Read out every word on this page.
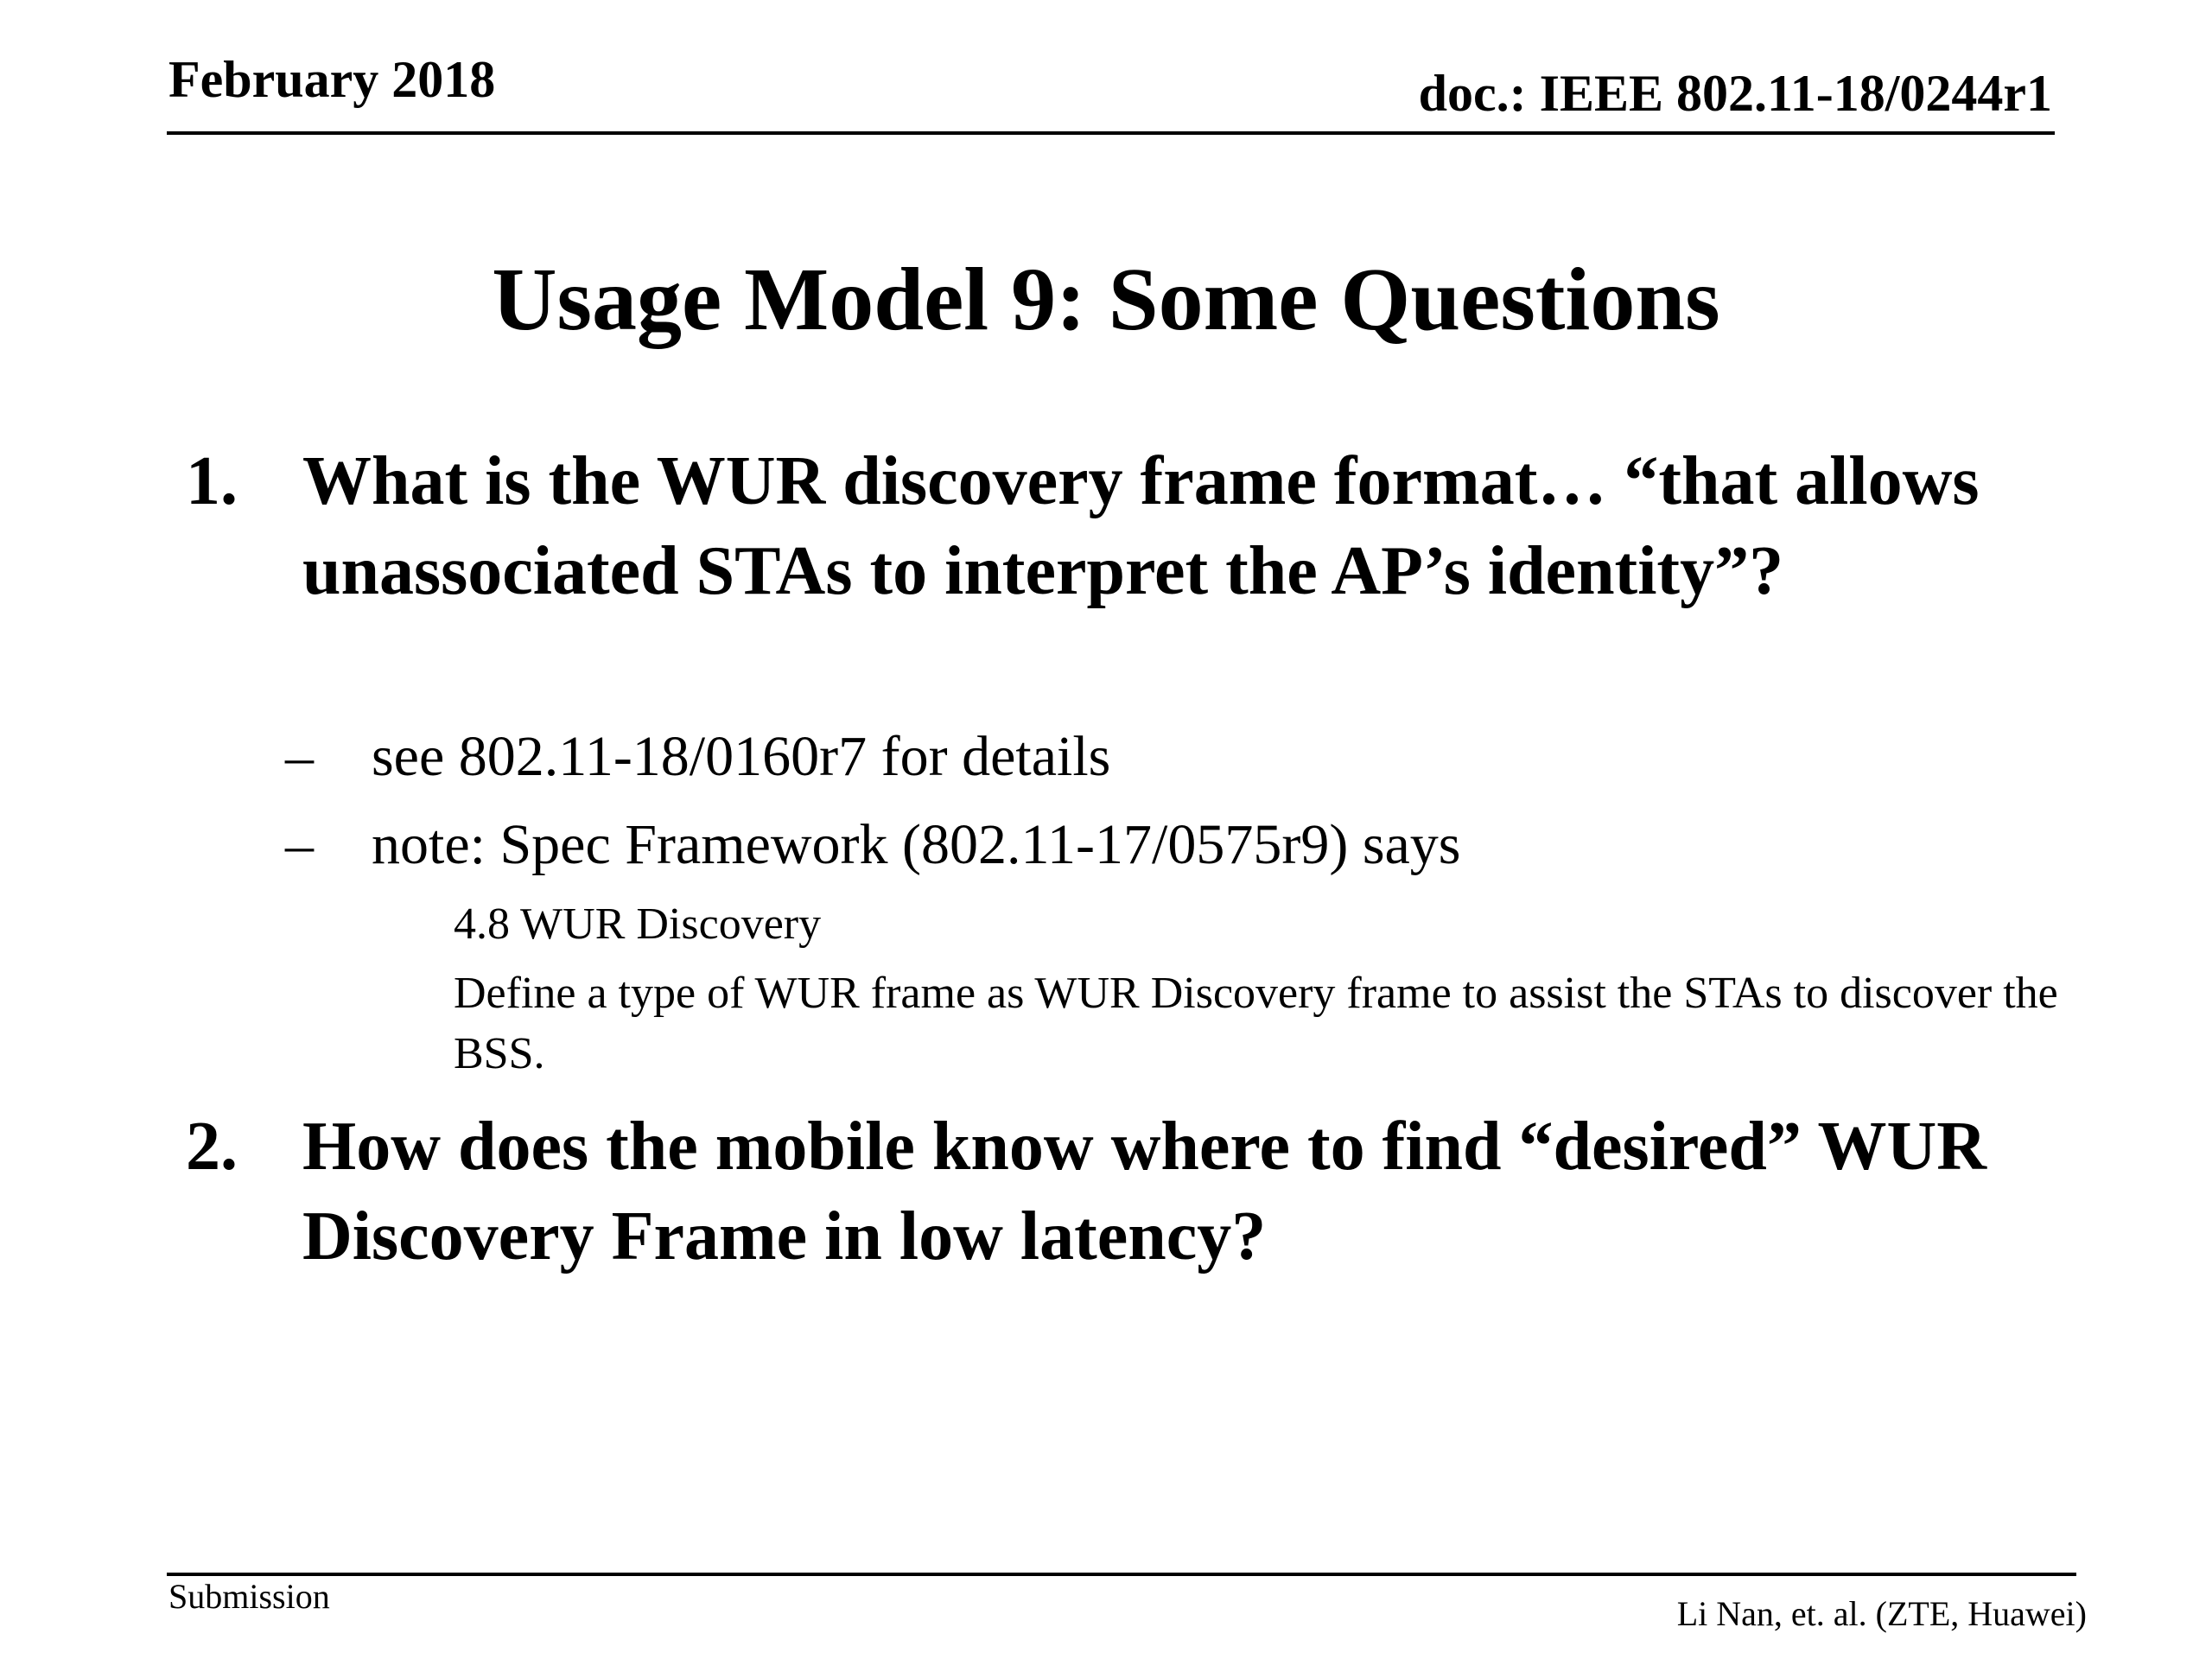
February 2018	doc.: IEEE 802.11-18/0244r1
Usage Model 9: Some Questions
1. What is the WUR discovery frame format… “that allows unassociated STAs to interpret the AP’s identity”?
– see 802.11-18/0160r7 for details
– note: Spec Framework (802.11-17/0575r9) says
4.8 WUR Discovery
Define a type of WUR frame as WUR Discovery frame to assist the STAs to discover the BSS.
2. How does the mobile know where to find “desired” WUR Discovery Frame in low latency?
Submission	Li Nan, et. al. (ZTE, Huawei)
